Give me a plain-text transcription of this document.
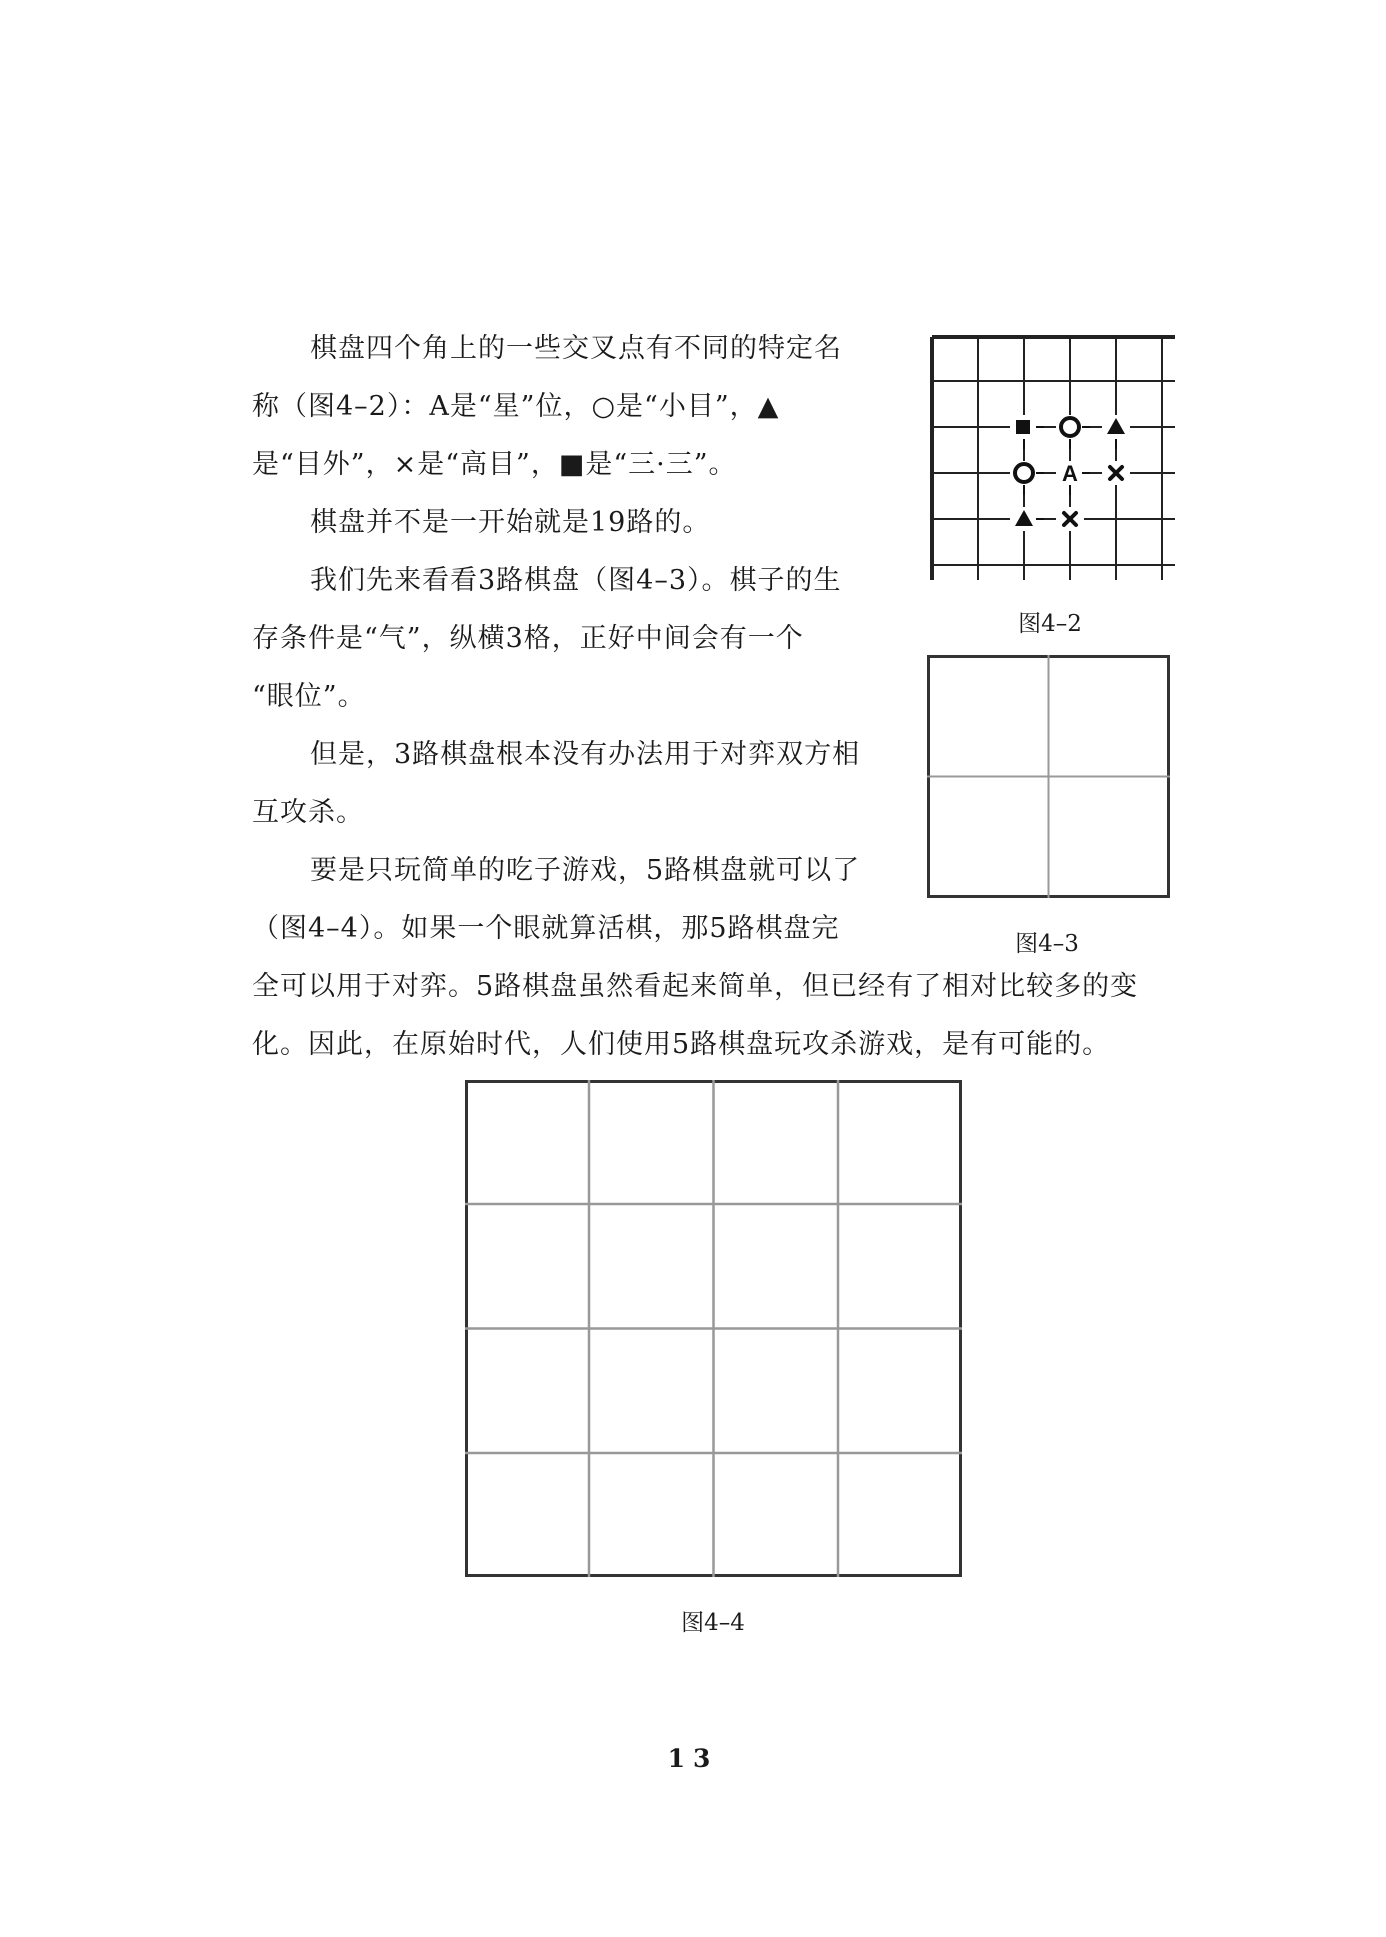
棋盘四个角上的一些交叉点有不同的特定名
称（图4–2）：A是“星”位，○是“小目”，▲
是“目外”，×是“高目”，■是“三·三”。
棋盘并不是一开始就是19路的。
我们先来看看3路棋盘（图4–3）。棋子的生
存条件是“气”，纵横3格，正好中间会有一个
“眼位”。
但是，3路棋盘根本没有办法用于对弈双方相
互攻杀。
要是只玩简单的吃子游戏，5路棋盘就可以了
（图4–4）。如果一个眼就算活棋，那5路棋盘完
全可以用于对弈。5路棋盘虽然看起来简单，但已经有了相对比较多的变
化。因此，在原始时代，人们使用5路棋盘玩攻杀游戏，是有可能的。
A
图4–2
图4–3
图4–4
13
